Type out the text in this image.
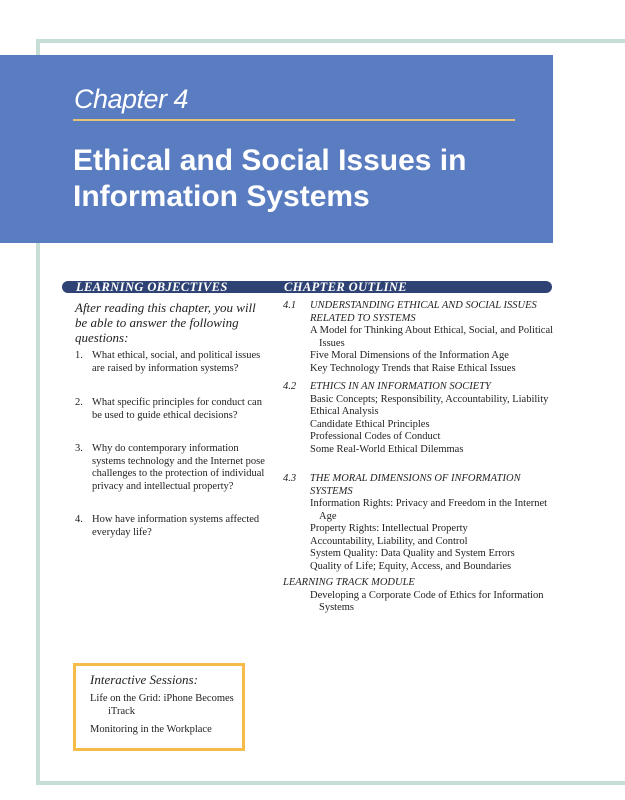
Chapter 4
Ethical and Social Issues in Information Systems
LEARNING OBJECTIVES	CHAPTER OUTLINE
After reading this chapter, you will be able to answer the following questions:
1. What ethical, social, and political issues are raised by information systems?
2. What specific principles for conduct can be used to guide ethical decisions?
3. Why do contemporary information systems technology and the Internet pose challenges to the protection of individual privacy and intellectual property?
4. How have information systems affected everyday life?
4.1 UNDERSTANDING ETHICAL AND SOCIAL ISSUES RELATED TO SYSTEMS
A Model for Thinking About Ethical, Social, and Political Issues
Five Moral Dimensions of the Information Age
Key Technology Trends that Raise Ethical Issues
4.2 ETHICS IN AN INFORMATION SOCIETY
Basic Concepts; Responsibility, Accountability, Liability
Ethical Analysis
Candidate Ethical Principles
Professional Codes of Conduct
Some Real-World Ethical Dilemmas
4.3 THE MORAL DIMENSIONS OF INFORMATION SYSTEMS
Information Rights: Privacy and Freedom in the Internet Age
Property Rights: Intellectual Property
Accountability, Liability, and Control
System Quality: Data Quality and System Errors
Quality of Life; Equity, Access, and Boundaries
LEARNING TRACK MODULE
Developing a Corporate Code of Ethics for Information Systems
Interactive Sessions:
Life on the Grid: iPhone Becomes iTrack
Monitoring in the Workplace
